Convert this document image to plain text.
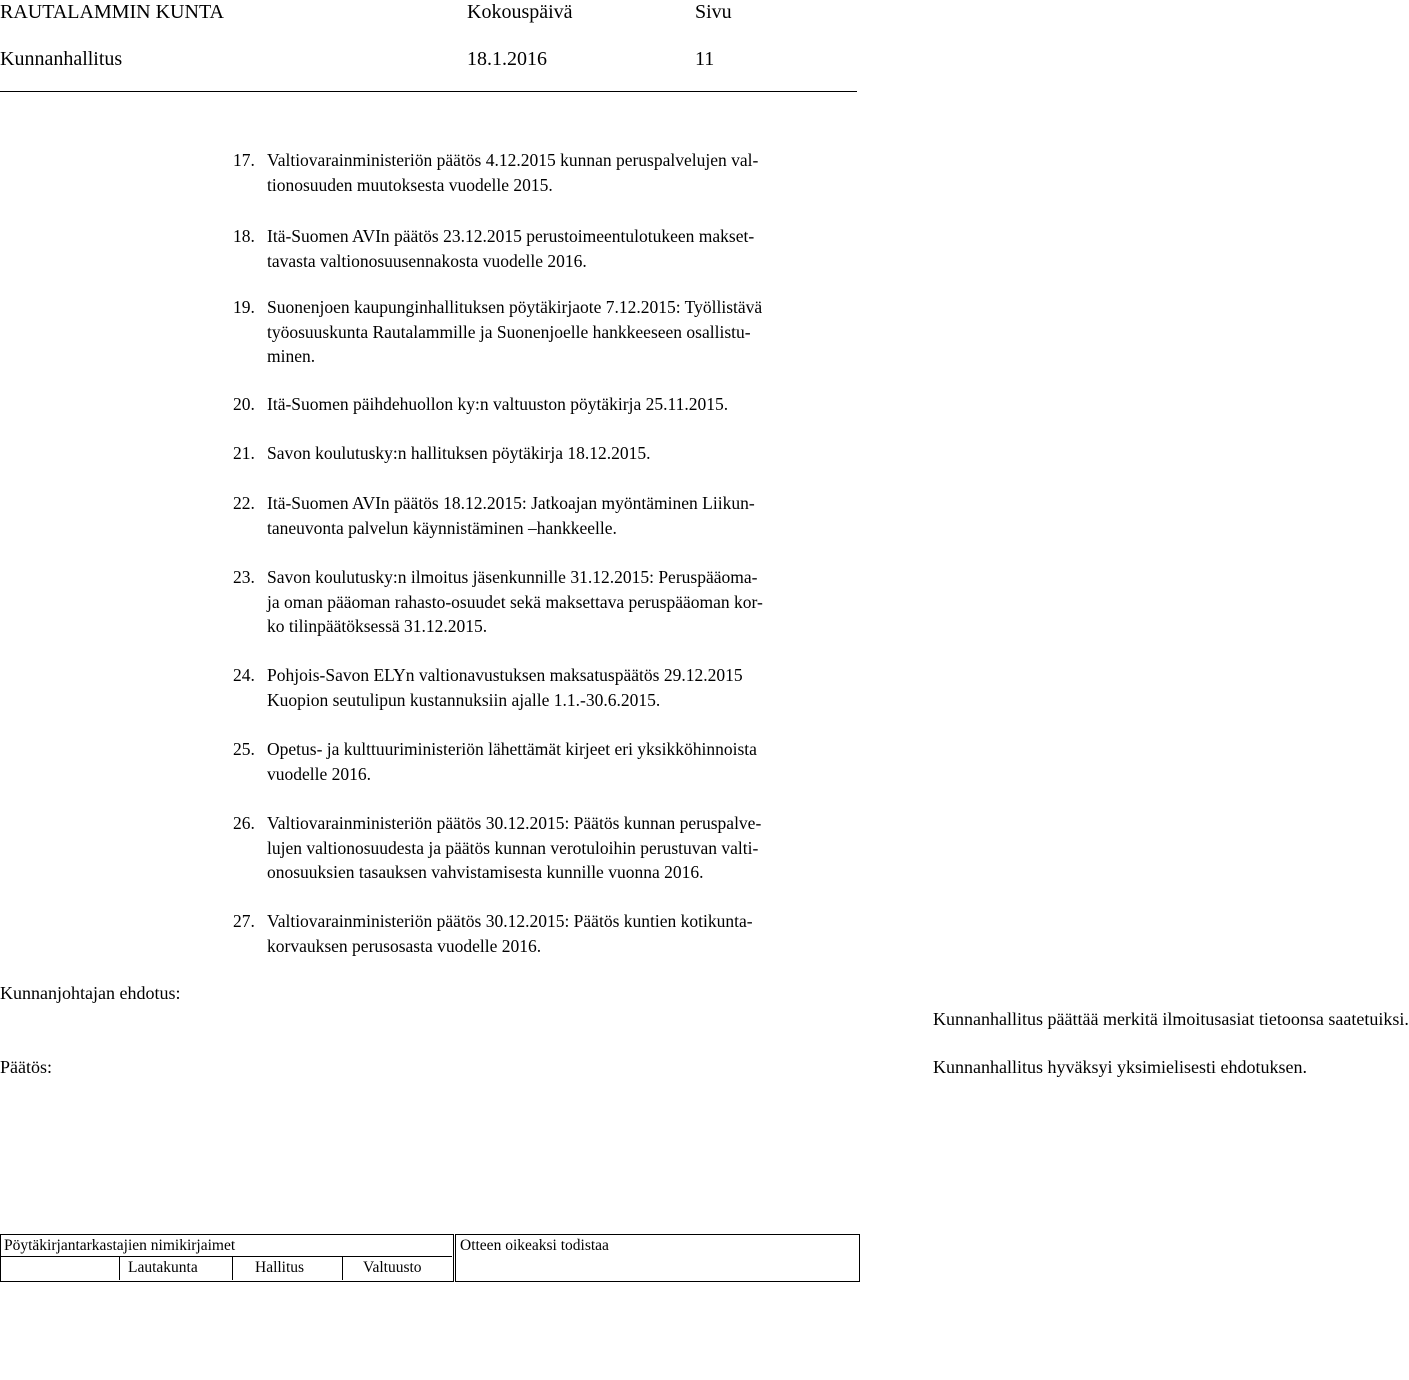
RAUTALAMMIN KUNTA	Kokouspäivä	Sivu
Kunnanhallitus	18.1.2016	11
17. Valtiovarainministeriön päätös 4.12.2015 kunnan peruspalvelujen val-
tionosuuden muutoksesta vuodelle 2015.
18. Itä-Suomen AVIn päätös 23.12.2015 perustoimeentulotukeen makset-
tavasta valtionosuusennakosta vuodelle 2016.
19. Suonenjoen kaupunginhallituksen pöytäkirjaote 7.12.2015: Työllistävä
työosuuskunta Rautalammille ja Suonenjoelle hankkeeseen osallistu-
minen.
20. Itä-Suomen päihdehuollon ky:n valtuuston pöytäkirja 25.11.2015.
21. Savon koulutusky:n hallituksen pöytäkirja 18.12.2015.
22. Itä-Suomen AVIn päätös 18.12.2015: Jatkoajan myöntäminen Liikun-
taneuvonta palvelun käynnistäminen –hankkeelle.
23. Savon koulutusky:n ilmoitus jäsenkunnille 31.12.2015: Peruspääoma-
ja oman pääoman rahasto-osuudet sekä maksettava peruspääoman kor-
ko tilinpäätöksessä 31.12.2015.
24. Pohjois-Savon ELYn valtionavustuksen maksatuspäätös 29.12.2015
Kuopion seutulipun kustannuksiin ajalle 1.1.-30.6.2015.
25. Opetus- ja kulttuuriministeriön lähettämät kirjeet eri yksikköhinnoista
vuodelle 2016.
26. Valtiovarainministeriön päätös 30.12.2015: Päätös kunnan peruspalve-
lujen valtionosuudesta ja päätös kunnan verotuloihin perustuvan valti-
onosuuksien tasauksen vahvistamisesta kunnille vuonna 2016.
27. Valtiovarainministeriön päätös 30.12.2015: Päätös kuntien kotikunta-
korvauksen perusosasta vuodelle 2016.
Kunnanjohtajan ehdotus:
Kunnanhallitus päättää merkitä ilmoitusasiat tietoonsa saatetuiksi.
Päätös:	Kunnanhallitus hyväksyi yksimielisesti ehdotuksen.
Pöytäkirjantarkastajien nimikirjaimet
Lautakunta	Hallitus	Valtuusto
Otteen oikeaksi todistaa
